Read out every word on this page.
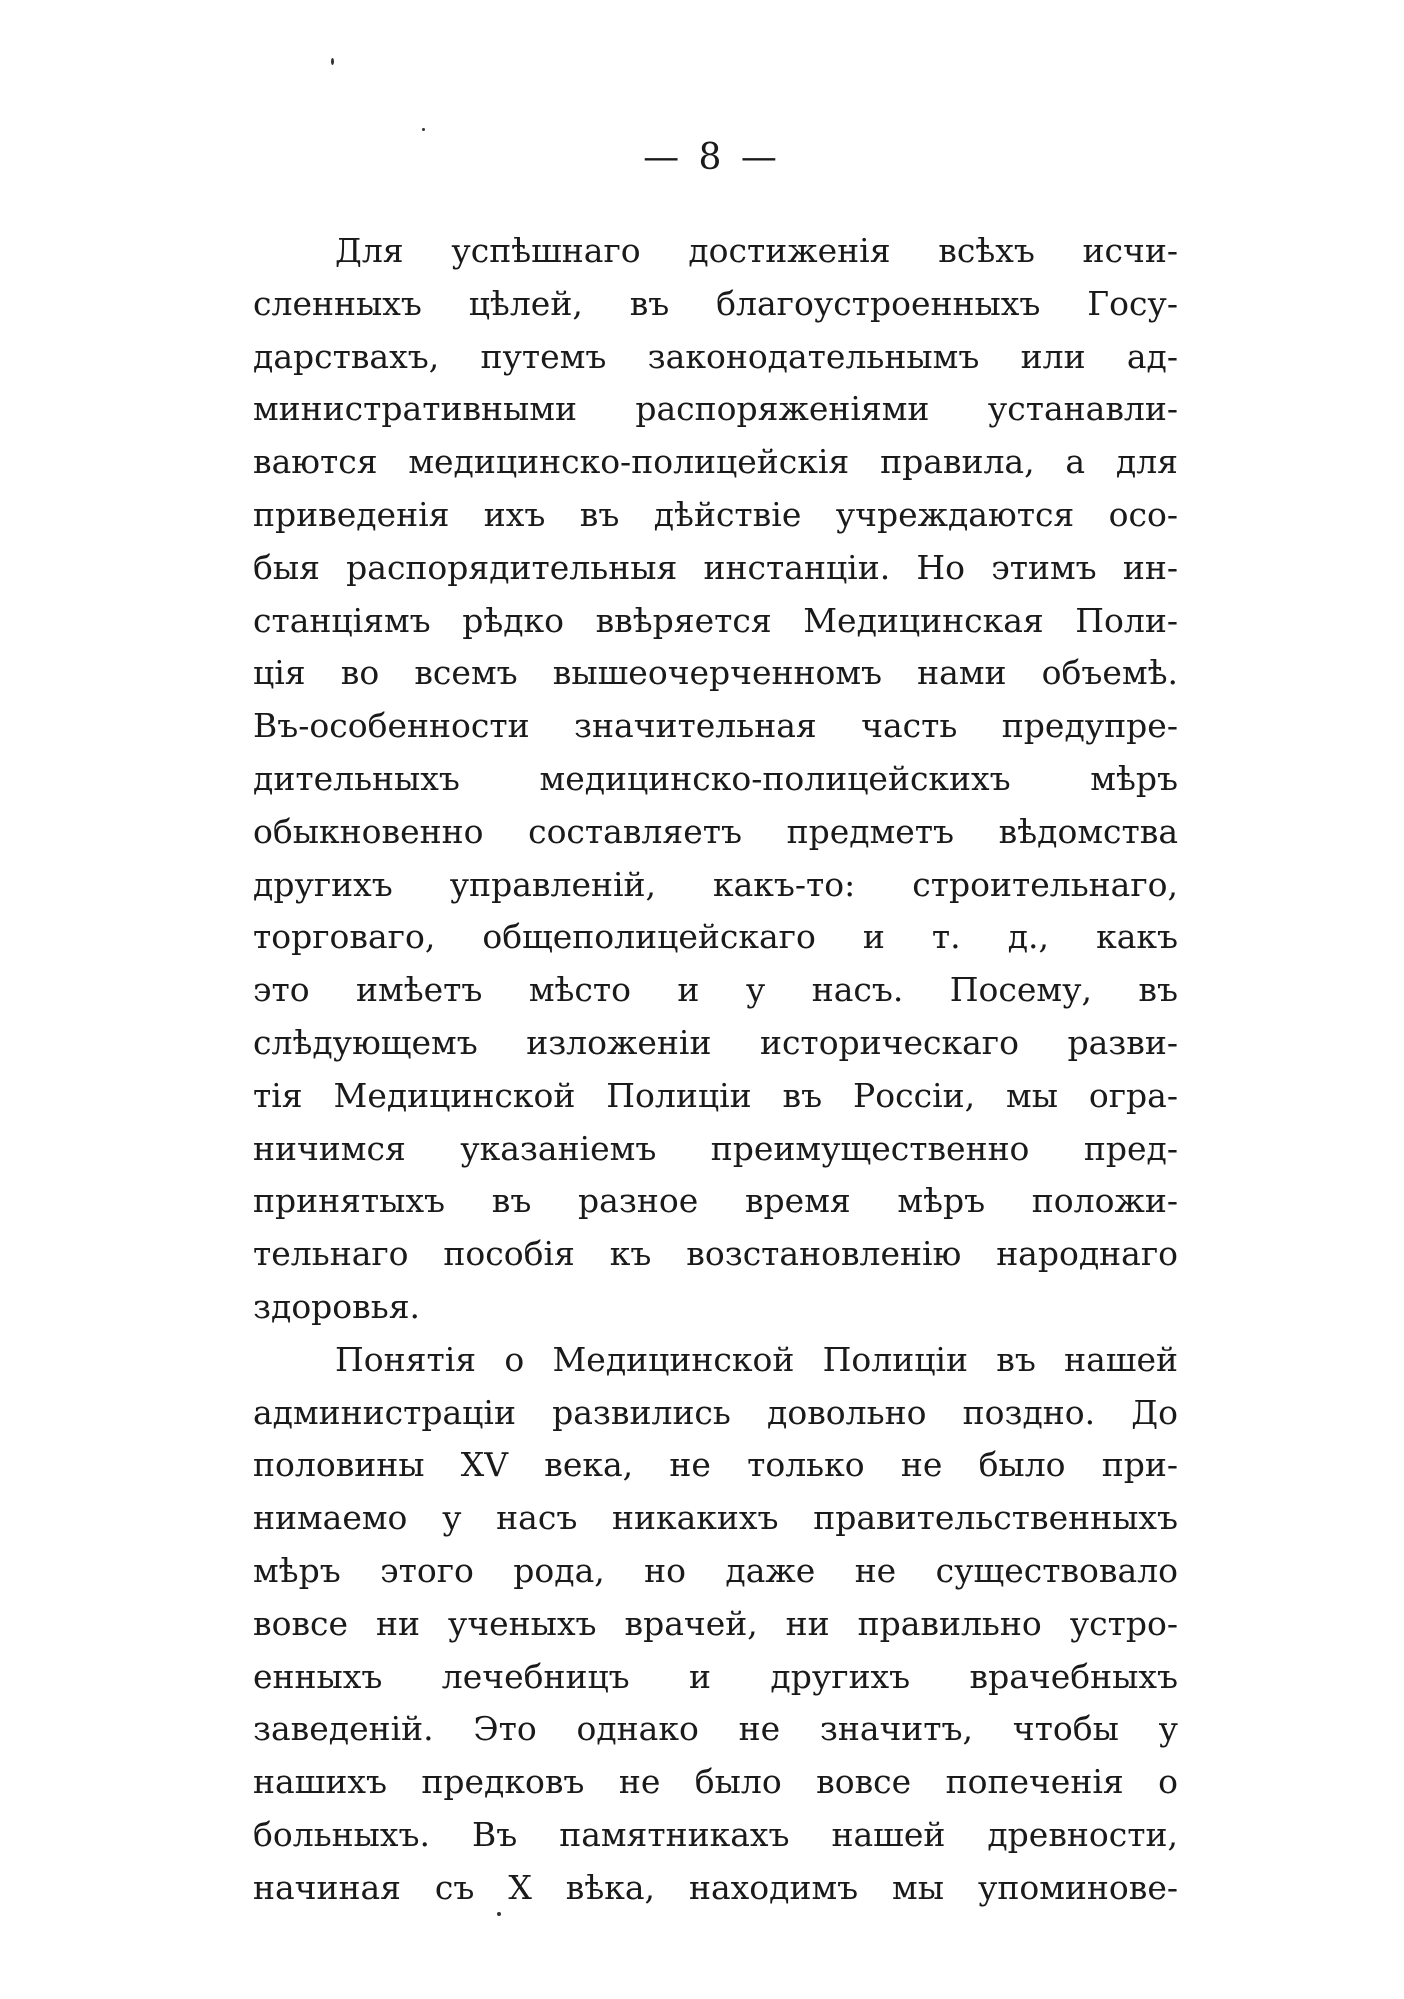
— 8 —
Для успѣшнаго достиженія всѣхъ исчи-
сленныхъ цѣлей, въ благоустроенныхъ Госу-
дарствахъ, путемъ законодательнымъ или ад-
министративными распоряженіями устанавли-
ваются медицинско-полицейскія правила, а для
приведенія ихъ въ дѣйствіе учреждаются осо-
быя распорядительныя инстанціи. Но этимъ ин-
станціямъ рѣдко ввѣряется Медицинская Поли-
ція во всемъ вышеочерченномъ нами объемѣ.
Въ-особенности значительная часть предупре-
дительныхъ медицинско-полицейскихъ мѣръ
обыкновенно составляетъ предметъ вѣдомства
другихъ управленій, какъ-то: строительнаго,
торговаго, общеполицейскаго и т. д., какъ
это имѣетъ мѣсто и у насъ. Посему, въ
слѣдующемъ изложеніи историческаго разви-
тія Медицинской Полиціи въ Россіи, мы огра-
ничимся указаніемъ преимущественно пред-
принятыхъ въ разное время мѣръ положи-
тельнаго пособія къ возстановленію народнаго
здоровья.
Понятія о Медицинской Полиціи въ нашей
администраціи развились довольно поздно. До
половины XV века, не только не было при-
нимаемо у насъ никакихъ правительственныхъ
мѣръ этого рода, но даже не существовало
вовсе ни ученыхъ врачей, ни правильно устро-
енныхъ лечебницъ и другихъ врачебныхъ
заведеній. Это однако не значитъ, чтобы у
нашихъ предковъ не было вовсе попеченія о
больныхъ. Въ памятникахъ нашей древности,
начиная съ X вѣка, находимъ мы упоминове-
